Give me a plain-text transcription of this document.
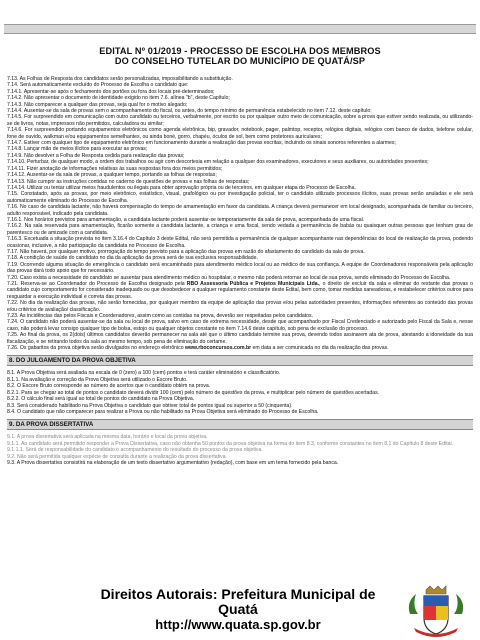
EDITAL Nº 01/2019 - PROCESSO DE ESCOLHA DOS MEMBROS
DO CONSELHO TUTELAR DO MUNICÍPIO DE QUATÁ/SP

7.13. As Folhas de Resposta dos candidatos serão personalizadas, impossibilitando a substituição.

7.14. Será automaticamente excluído do Processo de Escolha o candidato que:

7.14.1. Apresentar-se após o fechamento dos portões ou fora dos locais pré-determinados;

7.14.2. Não apresentar o documento de identidade exigido no item 7.6. alínea "b", deste Capítulo;

7.14.3. Não comparecer a qualquer das provas, seja qual for o motivo alegado;

7.14.4. Ausentar-se da sala de provas sem o acompanhamento do fiscal, ou antes, do tempo mínimo de permanência estabelecido no item 7.12. deste capítulo;

7.14.5. For surpreendido em comunicação com outro candidato ou terceiros, verbalmente, por escrito ou por qualquer outro meio de comunicação, sobre a prova que estiver sendo realizada, ou utilizando-se de livros, notas, impressos não permitidos, calculadora ou similar;

7.14.6. For surpreendido portando equipamentos eletrônicos como agenda eletrônica, bip, gravador, notebook, pager, palmtop, receptor, relógios digitais, relógios com banco de dados, telefone celular, fone de ouvido, walkman e/ou equipamentos semelhantes, ou ainda boné, gorro, chapéu, óculos de sol, bem como protetores auriculares;

7.14.7. Estiver com qualquer tipo de equipamento eletrônico em funcionamento durante a realização das provas escritas, incluindo os sinais sonoros referentes a alarmes;

7.14.8. Lançar mão de meios ilícitos para executar as provas;

7.14.9. Não devolver a Folha de Resposta cedida para realização das provas;

7.14.10. Perturbar, de qualquer modo, a ordem dos trabalhos ou agir com descortesia em relação a qualquer dos examinadores, executores e seus auxiliares, ou autoridades presentes;

7.14.11. Fizer anotação de informações relativas às suas respostas fora dos meios permitidos;

7.14.12. Ausentar-se da sala de provas, a qualquer tempo, portando as folhas de respostas;

7.14.13. Não cumprir as instruções contidas no caderno de questões de provas e nas folhas de respostas;

7.14.14. Utilizar ou tentar utilizar meios fraudulentos ou ilegais para obter aprovação própria ou de terceiros, em qualquer etapa do Processo de Escolha.

7.15. Constatado, após as provas, por meio eletrônico, estatístico, visual, grafológico ou por investigação policial, ter o candidato utilizado processos ilícitos, suas provas serão anuladas e ele será automaticamente eliminado do Processo de Escolha.

7.16. No caso de candidata lactante, não haverá compensação do tempo de amamentação em favor da candidata. A criança deverá permanecer em local designado, acompanhada de familiar ou terceiro, adulto responsável, indicado pela candidata.

7.16.1. Nos horários previstos para amamentação, a candidata lactante poderá ausentar-se temporariamente da sala de prova, acompanhada de uma fiscal.

7.16.2. Na sala reservada para amamentação, ficarão somente a candidata lactante, a criança e uma fiscal, sendo vedada a permanência de babás ou quaisquer outras pessoas que tenham grau de parentesco ou de amizade com a candidata.

7.16.3. Excetuada a situação prevista no item 3.16.4 do Capítulo 3 deste Edital, não será permitida a permanência de qualquer acompanhante nas dependências do local de realização da prova, podendo ocasionar, inclusive, a não participação da candidata no Processo de Escolha.

7.17. Não haverá, por qualquer motivo, prorrogação do tempo previsto para a aplicação das provas em razão do afastamento do candidato da sala de prova.

7.18. A condição de saúde do candidato no dia da aplicação da prova será de sua exclusiva responsabilidade.

7.19. Ocorrendo alguma situação de emergência o candidato será encaminhado para atendimento médico local ou ao médico de sua confiança. A equipe de Coordenadores responsáveis pela aplicação das provas dará todo apoio que for necessário.

7.20. Caso exista a necessidade do candidato se ausentar para atendimento médico ou hospitalar, o mesmo não poderá retornar ao local de sua prova, sendo eliminado do Processo de Escolha.

7.21. Reserva-se ao Coordenador do Processo de Escolha designado pela RBO Assessoria Pública e Projetos Municipais Ltda., o direito de excluir da sala e eliminar do restante das provas o candidato cujo comportamento for considerado inadequado ou que desobedecer a qualquer regulamento constante deste Edital, bem como, tomar medidas saneadoras, e restabelecer critérios outros para resguardar a execução individual e correta das provas.

7.22. No dia da realização das provas, não serão fornecidas, por qualquer membro da equipe de aplicação das provas e/ou pelas autoridades presentes, informações referentes ao conteúdo das provas e/ou critérios de avaliação/ classificação.

7.23. As incidências das pelos Fiscais e Coordenadores, assim como as contidas na prova, deverão ser respeitadas pelos candidatos.

7.24. O candidato não poderá ausentar-se da sala ou local de prova, salvo em caso de extrema necessidade, desde que acompanhado por Fiscal Credenciado e autorizado pelo Fiscal da Sala e, nesse caso, não poderá levar consigo qualquer tipo de bolsa, estojo ou qualquer objetos constante no item 7.14.6 deste capítulo, sob pena de exclusão do processo.

7.25. Ao final da prova, os 2(dois) últimos candidatos deverão permanecer na sala até que o último candidato termine sua prova, devendo todos assinarem ata de prova, atestando a idoneidade da sua fiscalização, e se retirando todos da sala ao mesmo tempo, sob pena de eliminação do certame.

7.26. Os gabaritos da prova objetiva serão divulgados no endereço eletrônico www.rboconcursos.com.br em data a ser comunicada no dia da realização das provas.

8. DO JULGAMENTO DA PROVA OBJETIVA

8.1. A Prova Objetiva será avaliada na escala de 0 (zero) a 100 (cem) pontos e terá caráter eliminatório e classificatório.

8.1.1. Na avaliação e correção da Prova Objetiva será utilizado o Escore Bruto.

8.2. O Escore Bruto corresponde ao número de acertos que o candidato obtém na prova.

8.2.1. Para se chegar ao total de pontos o candidato deverá dividir 100 (cem) pelo número de questões da prova, e multiplicar pelo número de questões acertadas.

8.2.2. O cálculo final será igual ao total de pontos do candidato na Prova Objetiva.

8.3. Será considerado habilitado na Prova Objetiva o candidato que obtiver total de pontos igual ou superior a 50 (cinquenta).

8.4. O candidato que não comparecer para realizar a Prova ou não habilitado na Prova Objetiva será eliminado do Processo de Escolha.

9. DA PROVA DISSERTATIVA

9.1. A prova dissertativa será aplicada na mesma data, horário e local da prova objetiva.

9.1.1. Ao candidato será permitido responder a Prova Dissertativa, caso não obtenha 50 pontos da prova objetiva na forma do item 8.3, conforme constantes no item 8.1 do Capítulo 8 deste Edital.

9.1.1.1. Será de responsabilidade do candidato o acompanhamento do resultado do processo da prova objetiva.

9.2. Não será permitida qualquer espécie de consulta durante a realização da prova dissertativa.

9.3. A Prova dissertativa consistirá na elaboração de um texto dissertativo argumentativo (redação), com base em um tema fornecido pela banca.

Direitos Autorais: Prefeitura Municipal de Quatá
http://www.quata.sp.gov.br
